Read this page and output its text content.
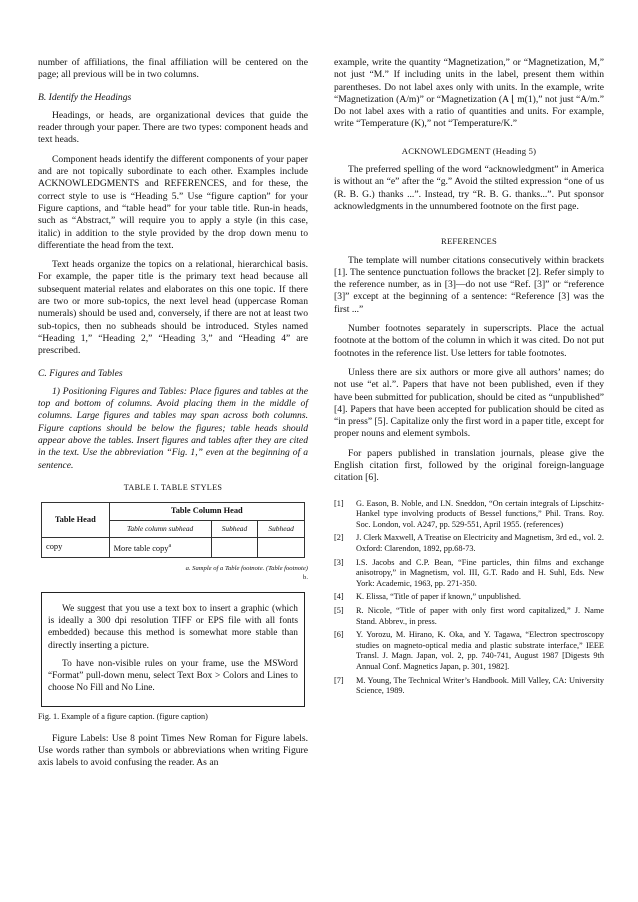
number of affiliations, the final affiliation will be centered on the page; all previous will be in two columns.

B. Identify the Headings

Headings, or heads, are organizational devices that guide the reader through your paper. There are two types: component heads and text heads.

Component heads identify the different components of your paper and are not topically subordinate to each other. Examples include ACKNOWLEDGMENTS and REFERENCES, and for these, the correct style to use is “Heading 5.” Use “figure caption” for your Figure captions, and “table head” for your table title. Run-in heads, such as “Abstract,” will require you to apply a style (in this case, italic) in addition to the style provided by the drop down menu to differentiate the head from the text.

Text heads organize the topics on a relational, hierarchical basis. For example, the paper title is the primary text head because all subsequent material relates and elaborates on this one topic. If there are two or more sub-topics, the next level head (uppercase Roman numerals) should be used and, conversely, if there are not at least two sub-topics, then no subheads should be introduced. Styles named “Heading 1,” “Heading 2,” “Heading 3,” and “Heading 4” are prescribed.

C. Figures and Tables

1) Positioning Figures and Tables: Place figures and tables at the top and bottom of columns. Avoid placing them in the middle of columns. Large figures and tables may span across both columns. Figure captions should be below the figures; table heads should appear above the tables. Insert figures and tables after they are cited in the text. Use the abbreviation “Fig. 1,” even at the beginning of a sentence.

TABLE I. TABLE STYLES
Table Head	Table Column Head		
	Table column subhead	Subhead	Subhead
copy	More table copy$^a$		
a. Sample of a Table footnote. (Table footnote)
b.

We suggest that you use a text box to insert a graphic (which is ideally a 300 dpi resolution TIFF or EPS file with all fonts embedded) because this method is somewhat more stable than directly inserting a picture.

To have non-visible rules on your frame, use the MSWord “Format” pull-down menu, select Text Box > Colors and Lines to choose No Fill and No Line.

Fig. 1. Example of a figure caption. (figure caption)

Figure Labels: Use 8 point Times New Roman for Figure labels. Use words rather than symbols or abbreviations when writing Figure axis labels to avoid confusing the reader. As an

example, write the quantity “Magnetization,” or “Magnetization, M,” not just “M.” If including units in the label, present them within parentheses. Do not label axes only with units. In the example, write “Magnetization (A/m)” or “Magnetization (A ⌊ m(1),” not just “A/m.” Do not label axes with a ratio of quantities and units. For example, write “Temperature (K),” not “Temperature/K.”

ACKNOWLEDGMENT (Heading 5)

The preferred spelling of the word “acknowledgment” in America is without an “e” after the “g.” Avoid the stilted expression “one of us (R. B. G.) thanks ...”. Instead, try “R. B. G. thanks...”. Put sponsor acknowledgments in the unnumbered footnote on the first page.

REFERENCES

The template will number citations consecutively within brackets [1]. The sentence punctuation follows the bracket [2]. Refer simply to the reference number, as in [3]—do not use “Ref. [3]” or “reference [3]” except at the beginning of a sentence: “Reference [3] was the first ...”

Number footnotes separately in superscripts. Place the actual footnote at the bottom of the column in which it was cited. Do not put footnotes in the reference list. Use letters for table footnotes.

Unless there are six authors or more give all authors’ names; do not use “et al.”. Papers that have not been published, even if they have been submitted for publication, should be cited as “unpublished” [4]. Papers that have been accepted for publication should be cited as “in press” [5]. Capitalize only the first word in a paper title, except for proper nouns and element symbols.

For papers published in translation journals, please give the English citation first, followed by the original foreign-language citation [6].

[1]	G. Eason, B. Noble, and I.N. Sneddon, “On certain integrals of Lipschitz-Hankel type involving products of Bessel functions,” Phil. Trans. Roy. Soc. London, vol. A247, pp. 529-551, April 1955. (references)
[2]	J. Clerk Maxwell, A Treatise on Electricity and Magnetism, 3rd ed., vol. 2. Oxford: Clarendon, 1892, pp.68-73.
[3]	I.S. Jacobs and C.P. Bean, “Fine particles, thin films and exchange anisotropy,” in Magnetism, vol. III, G.T. Rado and H. Suhl, Eds. New York: Academic, 1963, pp. 271-350.
[4]	K. Elissa, “Title of paper if known,” unpublished.
[5]	R. Nicole, “Title of paper with only first word capitalized,” J. Name Stand. Abbrev., in press.
[6]	Y. Yorozu, M. Hirano, K. Oka, and Y. Tagawa, “Electron spectroscopy studies on magneto-optical media and plastic substrate interface,” IEEE Transl. J. Magn. Japan, vol. 2, pp. 740-741, August 1987 [Digests 9th Annual Conf. Magnetics Japan, p. 301, 1982].
[7]	M. Young, The Technical Writer’s Handbook. Mill Valley, CA: University Science, 1989.
